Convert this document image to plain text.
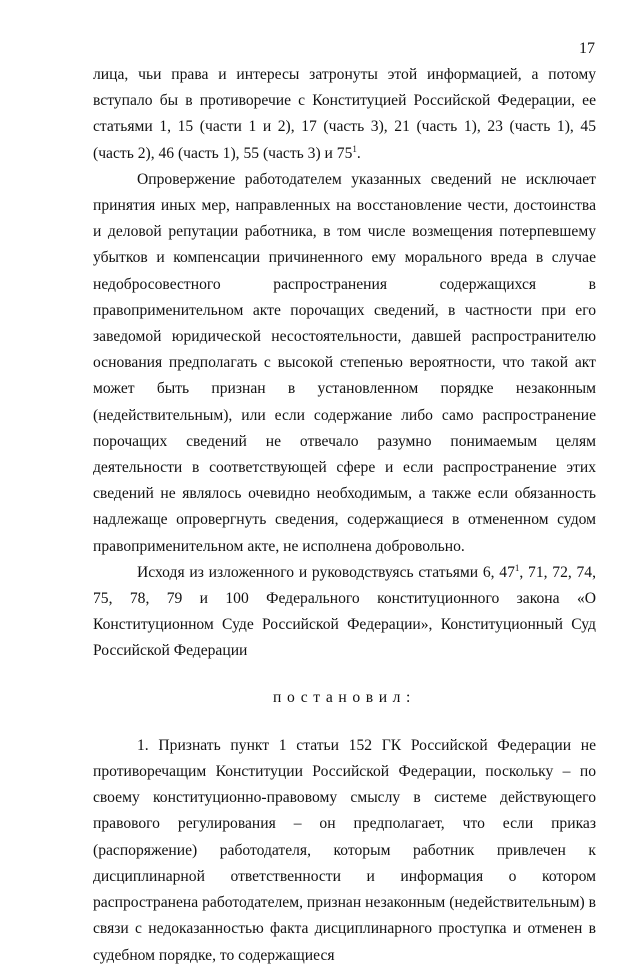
17
лица, чьи права и интересы затронуты этой информацией, а потому вступало бы в противоречие с Конституцией Российской Федерации, ее статьями 1, 15 (части 1 и 2), 17 (часть 3), 21 (часть 1), 23 (часть 1), 45 (часть 2), 46 (часть 1), 55 (часть 3) и $75^1$.
Опровержение работодателем указанных сведений не исключает принятия иных мер, направленных на восстановление чести, достоинства и деловой репутации работника, в том числе возмещения потерпевшему убытков и компенсации причиненного ему морального вреда в случае недобросовестного распространения содержащихся в правоприменительном акте порочащих сведений, в частности при его заведомой юридической несостоятельности, давшей распространителю основания предполагать с высокой степенью вероятности, что такой акт может быть признан в установленном порядке незаконным (недействительным), или если содержание либо само распространение порочащих сведений не отвечало разумно понимаемым целям деятельности в соответствующей сфере и если распространение этих сведений не являлось очевидно необходимым, а также если обязанность надлежаще опровергнуть сведения, содержащиеся в отмененном судом правоприменительном акте, не исполнена добровольно.
Исходя из изложенного и руководствуясь статьями 6, $47^1$, 71, 72, 74, 75, 78, 79 и 100 Федерального конституционного закона «О Конституционном Суде Российской Федерации», Конституционный Суд Российской Федерации
постановил:
1. Признать пункт 1 статьи 152 ГК Российской Федерации не противоречащим Конституции Российской Федерации, поскольку – по своему конституционно-правовому смыслу в системе действующего правового регулирования – он предполагает, что если приказ (распоряжение) работодателя, которым работник привлечен к дисциплинарной ответственности и информация о котором распространена работодателем, признан незаконным (недействительным) в связи с недоказанностью факта дисциплинарного проступка и отменен в судебном порядке, то содержащиеся
